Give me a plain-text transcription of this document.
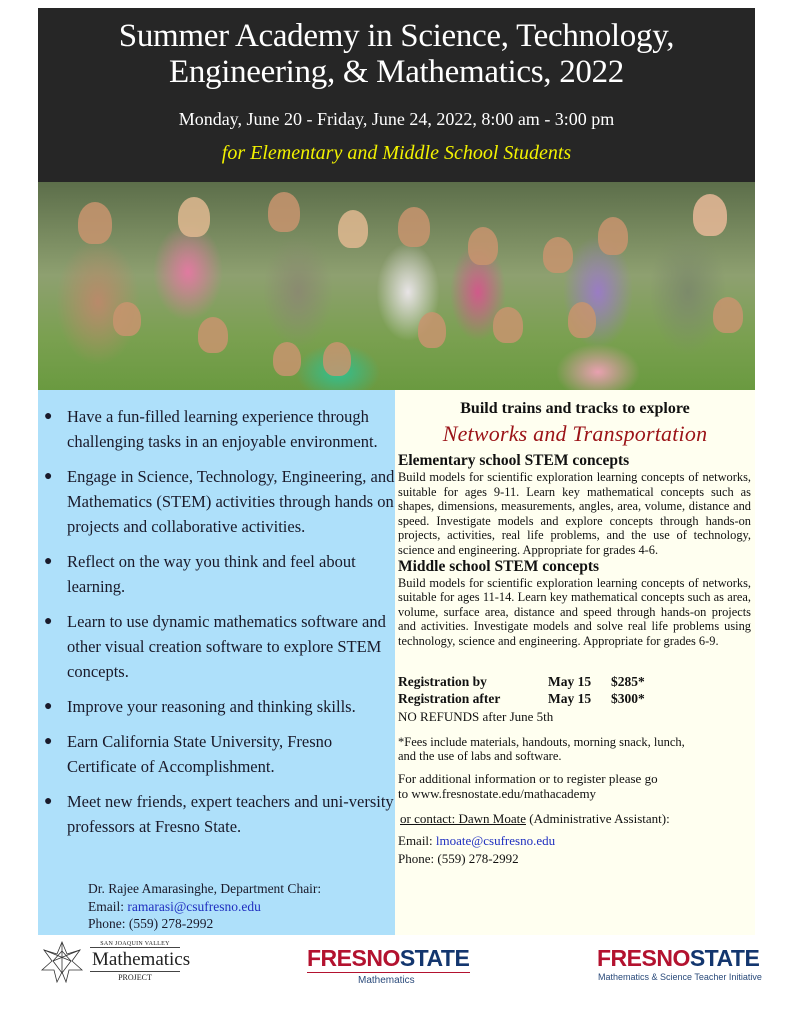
Summer Academy in Science, Technology,
Engineering, & Mathematics, 2022
Monday, June 20 - Friday, June 24, 2022, 8:00 am - 3:00 pm
for Elementary and Middle School Students
● Have a fun-filled learning experience through challenging tasks in an enjoyable environment.
● Engage in Science, Technology, Engineering, and Mathematics (STEM) activities through hands on projects and collaborative activities.
● Reflect on the way you think and feel about learning.
● Learn to use dynamic mathematics software and other visual creation software to explore STEM concepts.
● Improve your reasoning and thinking skills.
● Earn California State University, Fresno Certificate of Accomplishment.
● Meet new friends, expert teachers and uni-versity professors at Fresno State.
Dr. Rajee Amarasinghe, Department Chair:
Email: ramarasi@csufresno.edu
Phone: (559) 278-2992
Build trains and tracks to explore
Networks and Transportation
Elementary school STEM concepts
Build models for scientific exploration learning concepts of networks, suitable for ages 9-11. Learn key mathematical concepts such as shapes, dimensions, measurements, angles, area, volume, distance and speed. Investigate models and explore concepts through hands-on projects, activities, real life problems, and the use of technology, science and engineering. Appropriate for grades 4-6.
Middle school STEM concepts
Build models for scientific exploration learning concepts of networks, suitable for ages 11-14. Learn key mathematical concepts such as area, volume, surface area, distance and speed through hands-on projects and activities. Investigate models and solve real life problems using technology, science and engineering. Appropriate for grades 6-9.
Registration by	May 15	$285*
Registration after	May 15	$300*
NO REFUNDS after June 5th
*Fees include materials, handouts, morning snack, lunch, and the use of labs and software.
For additional information or to register please go
to www.fresnostate.edu/mathacademy
or contact: Dawn Moate (Administrative Assistant):
Email: lmoate@csufresno.edu
Phone: (559) 278-2992
SAN JOAQUIN VALLEY
Mathematics
PROJECT
FRESNOSTATE
Mathematics
FRESNOSTATE
Mathematics & Science Teacher Initiative
